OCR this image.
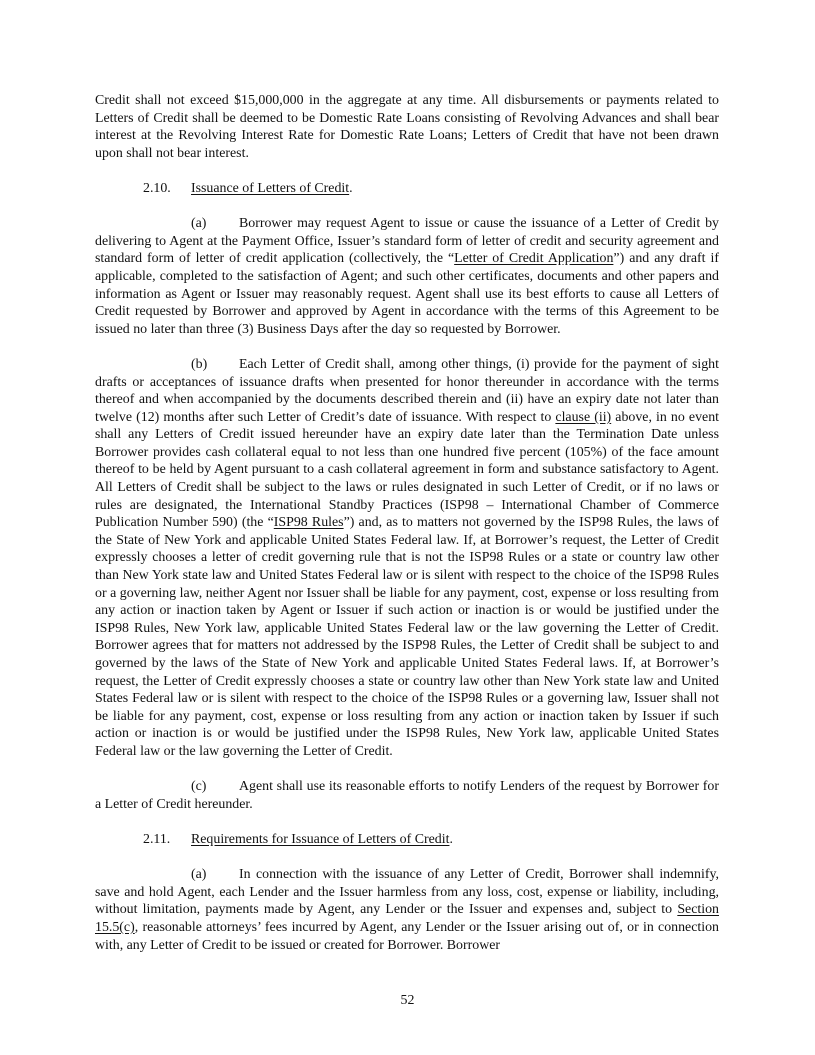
Credit shall not exceed $15,000,000 in the aggregate at any time. All disbursements or payments related to Letters of Credit shall be deemed to be Domestic Rate Loans consisting of Revolving Advances and shall bear interest at the Revolving Interest Rate for Domestic Rate Loans; Letters of Credit that have not been drawn upon shall not bear interest.

2.10. Issuance of Letters of Credit.

(a) Borrower may request Agent to issue or cause the issuance of a Letter of Credit by delivering to Agent at the Payment Office, Issuer’s standard form of letter of credit and security agreement and standard form of letter of credit application (collectively, the “Letter of Credit Application”) and any draft if applicable, completed to the satisfaction of Agent; and such other certificates, documents and other papers and information as Agent or Issuer may reasonably request. Agent shall use its best efforts to cause all Letters of Credit requested by Borrower and approved by Agent in accordance with the terms of this Agreement to be issued no later than three (3) Business Days after the day so requested by Borrower.

(b) Each Letter of Credit shall, among other things, (i) provide for the payment of sight drafts or acceptances of issuance drafts when presented for honor thereunder in accordance with the terms thereof and when accompanied by the documents described therein and (ii) have an expiry date not later than twelve (12) months after such Letter of Credit’s date of issuance. With respect to clause (ii) above, in no event shall any Letters of Credit issued hereunder have an expiry date later than the Termination Date unless Borrower provides cash collateral equal to not less than one hundred five percent (105%) of the face amount thereof to be held by Agent pursuant to a cash collateral agreement in form and substance satisfactory to Agent. All Letters of Credit shall be subject to the laws or rules designated in such Letter of Credit, or if no laws or rules are designated, the International Standby Practices (ISP98 – International Chamber of Commerce Publication Number 590) (the “ISP98 Rules”) and, as to matters not governed by the ISP98 Rules, the laws of the State of New York and applicable United States Federal law. If, at Borrower’s request, the Letter of Credit expressly chooses a letter of credit governing rule that is not the ISP98 Rules or a state or country law other than New York state law and United States Federal law or is silent with respect to the choice of the ISP98 Rules or a governing law, neither Agent nor Issuer shall be liable for any payment, cost, expense or loss resulting from any action or inaction taken by Agent or Issuer if such action or inaction is or would be justified under the ISP98 Rules, New York law, applicable United States Federal law or the law governing the Letter of Credit. Borrower agrees that for matters not addressed by the ISP98 Rules, the Letter of Credit shall be subject to and governed by the laws of the State of New York and applicable United States Federal laws. If, at Borrower’s request, the Letter of Credit expressly chooses a state or country law other than New York state law and United States Federal law or is silent with respect to the choice of the ISP98 Rules or a governing law, Issuer shall not be liable for any payment, cost, expense or loss resulting from any action or inaction taken by Issuer if such action or inaction is or would be justified under the ISP98 Rules, New York law, applicable United States Federal law or the law governing the Letter of Credit.

(c) Agent shall use its reasonable efforts to notify Lenders of the request by Borrower for a Letter of Credit hereunder.

2.11. Requirements for Issuance of Letters of Credit.

(a) In connection with the issuance of any Letter of Credit, Borrower shall indemnify, save and hold Agent, each Lender and the Issuer harmless from any loss, cost, expense or liability, including, without limitation, payments made by Agent, any Lender or the Issuer and expenses and, subject to Section 15.5(c), reasonable attorneys’ fees incurred by Agent, any Lender or the Issuer arising out of, or in connection with, any Letter of Credit to be issued or created for Borrower. Borrower

52
